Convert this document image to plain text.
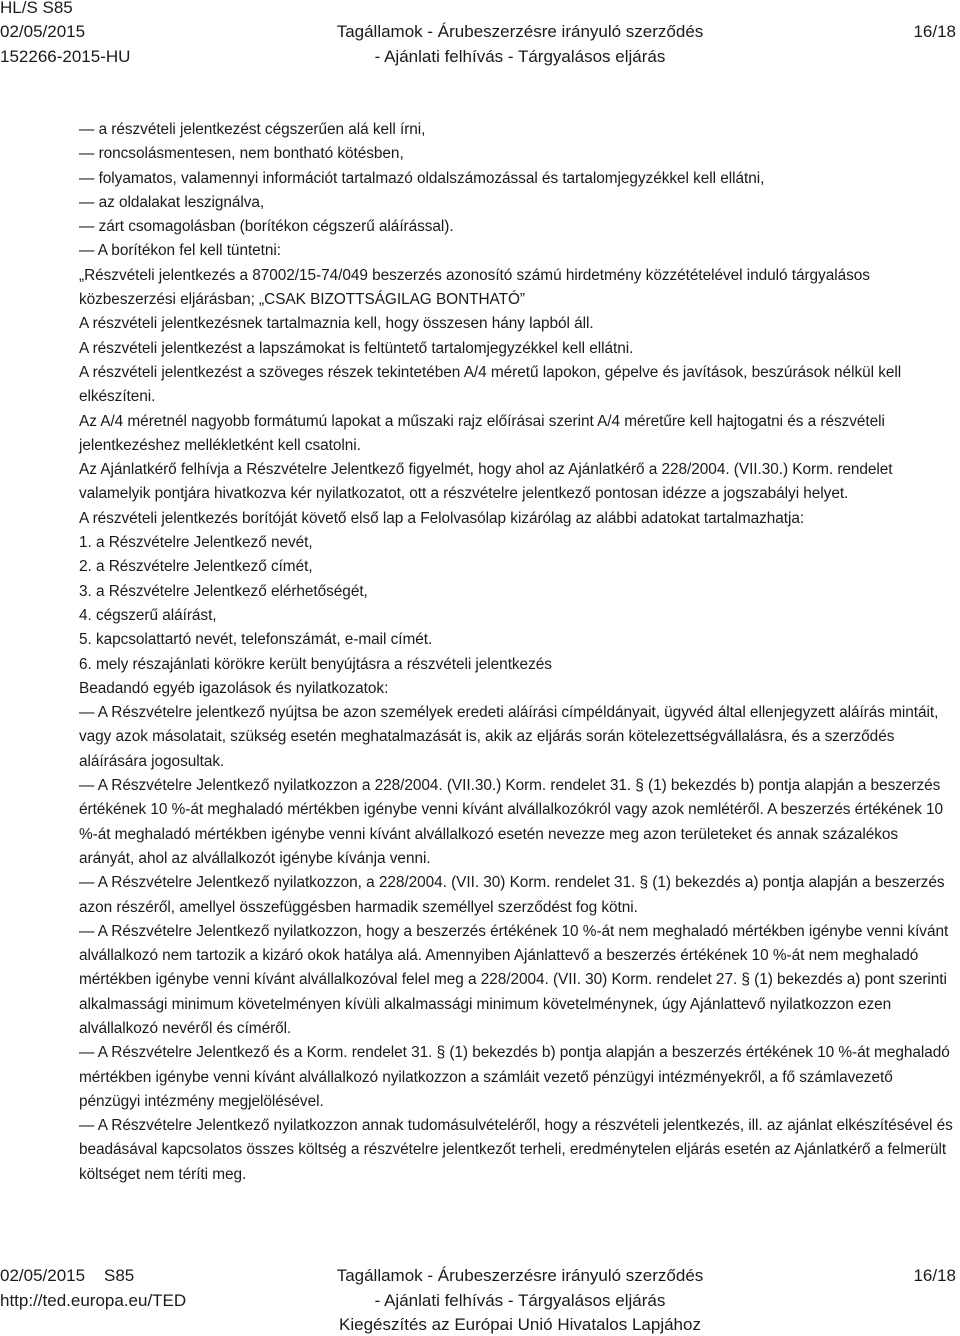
HL/S S85
02/05/2015
152266-2015-HU
Tagállamok - Árubeszerzésre irányuló szerződés
- Ajánlati felhívás - Tárgyalásos eljárás
16/18

— a részvételi jelentkezést cégszerűen alá kell írni,

— roncsolásmentesen, nem bontható kötésben,

— folyamatos, valamennyi információt tartalmazó oldalszámozással és tartalomjegyzékkel kell ellátni,

— az oldalakat leszignálva,

— zárt csomagolásban (borítékon cégszerű aláírással).

— A borítékon fel kell tüntetni:

„Részvételi jelentkezés a 87002/15-74/049 beszerzés azonosító számú hirdetmény közzétételével induló tárgyalásos közbeszerzési eljárásban; „CSAK BIZOTTSÁGILAG BONTHATÓ”

A részvételi jelentkezésnek tartalmaznia kell, hogy összesen hány lapból áll.

A részvételi jelentkezést a lapszámokat is feltüntető tartalomjegyzékkel kell ellátni.

A részvételi jelentkezést a szöveges részek tekintetében A/4 méretű lapokon, gépelve és javítások, beszúrások nélkül kell elkészíteni.

Az A/4 méretnél nagyobb formátumú lapokat a műszaki rajz előírásai szerint A/4 méretűre kell hajtogatni és a részvételi jelentkezéshez mellékletként kell csatolni.

Az Ajánlatkérő felhívja a Részvételre Jelentkező figyelmét, hogy ahol az Ajánlatkérő a 228/2004. (VII.30.) Korm. rendelet valamelyik pontjára hivatkozva kér nyilatkozatot, ott a részvételre jelentkező pontosan idézze a jogszabályi helyet.

A részvételi jelentkezés borítóját követő első lap a Felolvasólap kizárólag az alábbi adatokat tartalmazhatja:

1. a Részvételre Jelentkező nevét,

2. a Részvételre Jelentkező címét,

3. a Részvételre Jelentkező elérhetőségét,

4. cégszerű aláírást,

5. kapcsolattartó nevét, telefonszámát, e-mail címét.

6. mely részajánlati körökre került benyújtásra a részvételi jelentkezés

Beadandó egyéb igazolások és nyilatkozatok:

— A Részvételre jelentkező nyújtsa be azon személyek eredeti aláírási címpéldányait, ügyvéd által ellenjegyzett aláírás mintáit, vagy azok másolatait, szükség esetén meghatalmazását is, akik az eljárás során kötelezettségvállalásra, és a szerződés aláírására jogosultak.

— A Részvételre Jelentkező nyilatkozzon a 228/2004. (VII.30.) Korm. rendelet 31. § (1) bekezdés b) pontja alapján a beszerzés értékének 10 %-át meghaladó mértékben igénybe venni kívánt alvállalkozókról vagy azok nemlétéről. A beszerzés értékének 10 %-át meghaladó mértékben igénybe venni kívánt alvállalkozó esetén nevezze meg azon területeket és annak százalékos arányát, ahol az alvállalkozót igénybe kívánja venni.

— A Részvételre Jelentkező nyilatkozzon, a 228/2004. (VII. 30) Korm. rendelet 31. § (1) bekezdés a) pontja alapján a beszerzés azon részéről, amellyel összefüggésben harmadik személlyel szerződést fog kötni.

— A Részvételre Jelentkező nyilatkozzon, hogy a beszerzés értékének 10 %-át nem meghaladó mértékben igénybe venni kívánt alvállalkozó nem tartozik a kizáró okok hatálya alá. Amennyiben Ajánlattevő a beszerzés értékének 10 %-át nem meghaladó mértékben igénybe venni kívánt alvállalkozóval felel meg a 228/2004. (VII. 30) Korm. rendelet 27. § (1) bekezdés a) pont szerinti alkalmassági minimum követelményen kívüli alkalmassági minimum követelménynek, úgy Ajánlattevő nyilatkozzon ezen alvállalkozó nevéről és címéről.

— A Részvételre Jelentkező és a Korm. rendelet 31. § (1) bekezdés b) pontja alapján a beszerzés értékének 10 %-át meghaladó mértékben igénybe venni kívánt alvállalkozó nyilatkozzon a számláit vezető pénzügyi intézményekről, a fő számlavezető pénzügyi intézmény megjelölésével.

— A Részvételre Jelentkező nyilatkozzon annak tudomásulvételéről, hogy a részvételi jelentkezés, ill. az ajánlat elkészítésével és beadásával kapcsolatos összes költség a részvételre jelentkezőt terheli, eredménytelen eljárás esetén az Ajánlatkérő a felmerült költséget nem téríti meg.

02/05/2015    S85
http://ted.europa.eu/TED
Tagállamok - Árubeszerzésre irányuló szerződés
- Ajánlati felhívás - Tárgyalásos eljárás
Kiegészítés az Európai Unió Hivatalos Lapjához
16/18
